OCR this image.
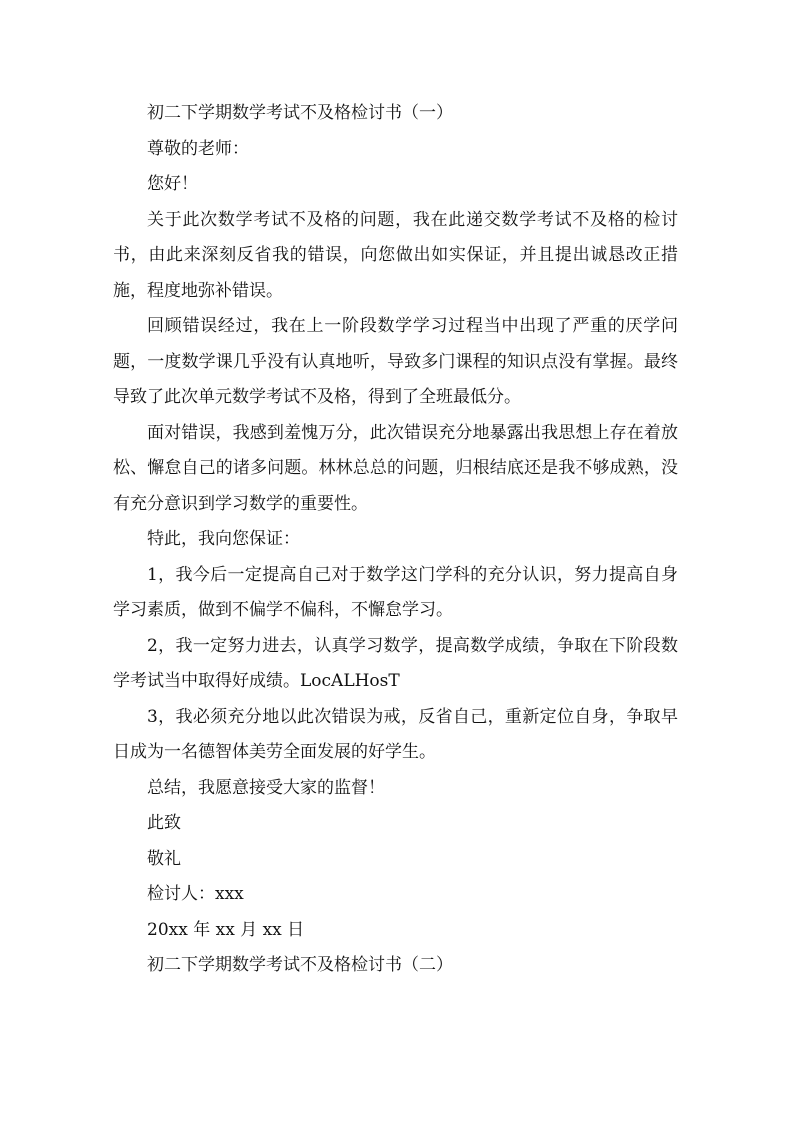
初二下学期数学考试不及格检讨书（一）

尊敬的老师：

您好！

关于此次数学考试不及格的问题，我在此递交数学考试不及格的检讨书，由此来深刻反省我的错误，向您做出如实保证，并且提出诚恳改正措施，程度地弥补错误。

回顾错误经过，我在上一阶段数学学习过程当中出现了严重的厌学问题，一度数学课几乎没有认真地听，导致多门课程的知识点没有掌握。最终导致了此次单元数学考试不及格，得到了全班最低分。

面对错误，我感到羞愧万分，此次错误充分地暴露出我思想上存在着放松、懈怠自己的诸多问题。林林总总的问题，归根结底还是我不够成熟，没有充分意识到学习数学的重要性。

特此，我向您保证：

1，我今后一定提高自己对于数学这门学科的充分认识，努力提高自身学习素质，做到不偏学不偏科，不懈怠学习。

2，我一定努力进去，认真学习数学，提高数学成绩，争取在下阶段数学考试当中取得好成绩。LocALHosT

3，我必须充分地以此次错误为戒，反省自己，重新定位自身，争取早日成为一名德智体美劳全面发展的好学生。

总结，我愿意接受大家的监督！

此致

敬礼

检讨人：xxx

20xx 年 xx 月 xx 日

初二下学期数学考试不及格检讨书（二）
